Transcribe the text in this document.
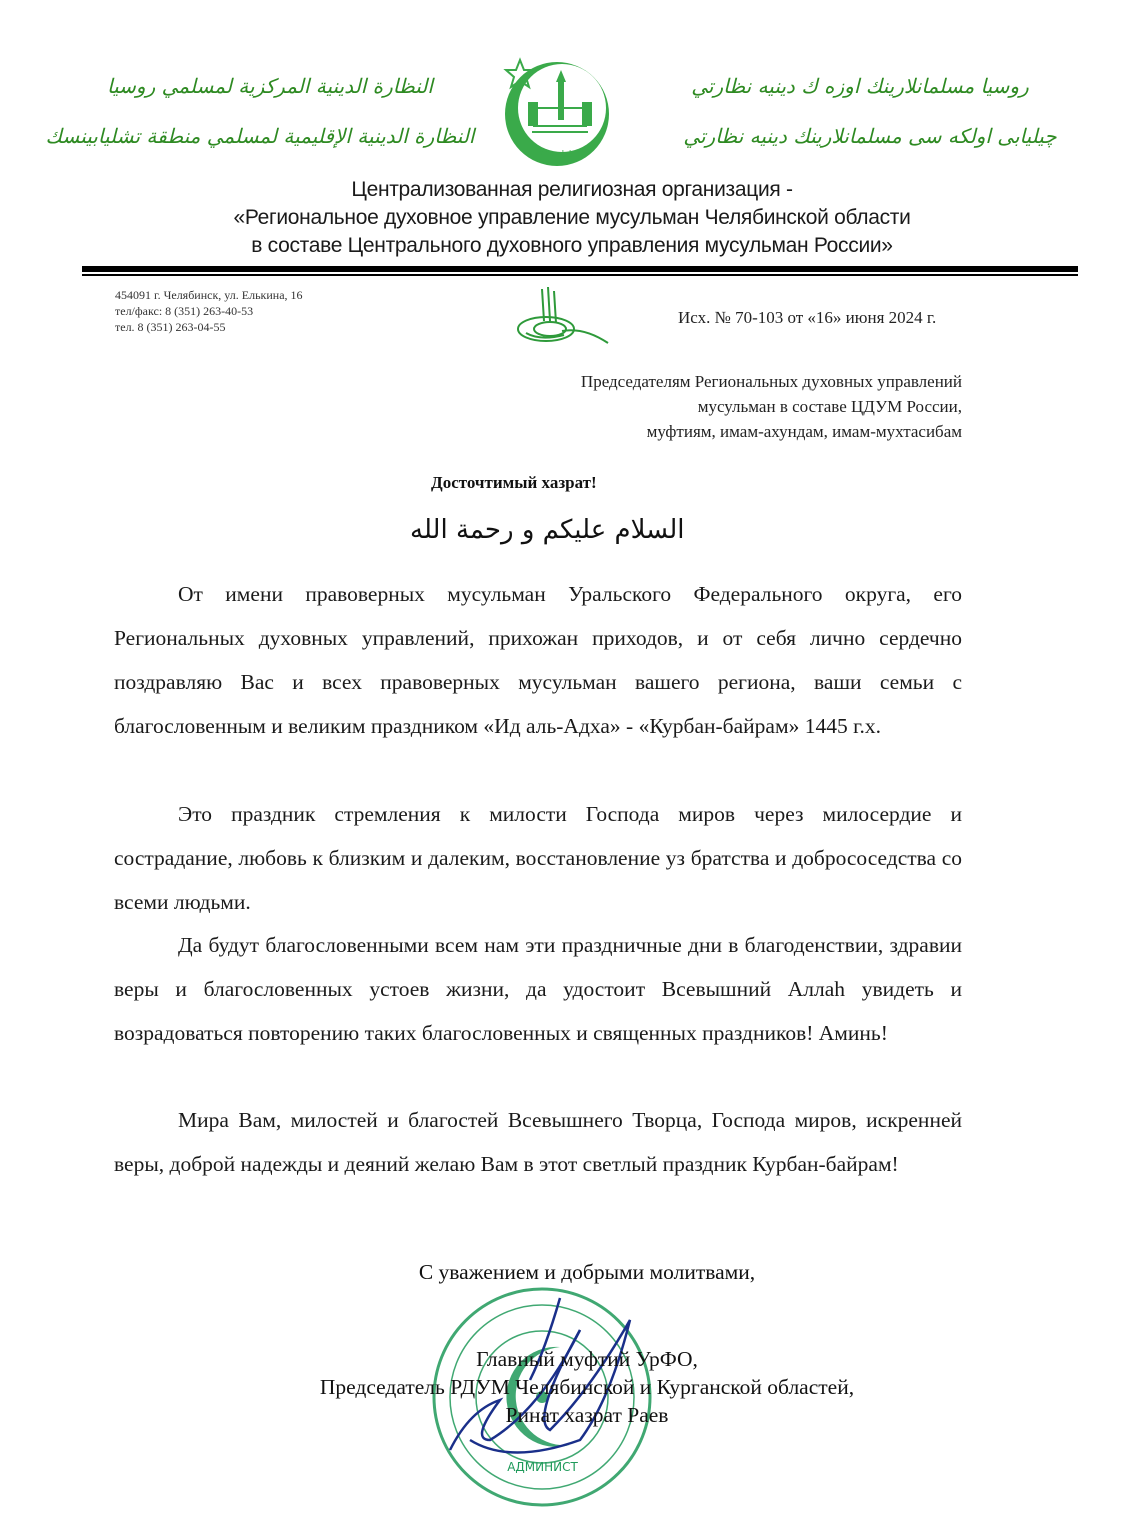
النظارة الدينية المركزية لمسلمي روسيا
النظارة الدينية الإقليمية لمسلمي منطقة تشليابينسك
روسيا مسلمانلارينك اوزه ك دينيه نظارتي
چيليابى اولكه سى مسلمانلارينك دينيه نظارتي
بلغار ٣١٠
Централизованная религиозная организация -
«Региональное духовное управление мусульман Челябинской области
в составе Центрального духовного управления мусульман России»
454091 г. Челябинск, ул. Елькина, 16
тел/факс: 8 (351) 263-40-53
тел. 8 (351) 263-04-55	Исх. № 70-103 от «16» июня 2024 г.
Председателям Региональных духовных управлений
мусульман в составе ЦДУМ России,
муфтиям, имам-ахундам, имам-мухтасибам
Досточтимый хазрат!
السلام عليكم و رحمة الله

От имени правоверных мусульман Уральского Федерального округа, его Региональных духовных управлений, прихожан приходов, и от себя лично сердечно поздравляю Вас и всех правоверных мусульман вашего региона, ваши семьи с благословенным и великим праздником «Ид аль-Адха» - «Курбан-байрам» 1445 г.х.

Это праздник стремления к милости Господа миров через милосердие и сострадание, любовь к близким и далеким, восстановление уз братства и добрососедства со всеми людьми.

Да будут благословенными всем нам эти праздничные дни в благоденствии, здравии веры и благословенных устоев жизни, да удостоит Всевышний Аллаh увидеть и возрадоваться повторению таких благословенных и священных праздников! Аминь!

Мира Вам, милостей и благостей Всевышнего Творца, Господа миров, искренней веры, доброй надежды и деяний желаю Вам в этот светлый праздник Курбан-байрам!

АДМИНИСТ
С уважением и добрыми молитвами,
Главный муфтий УрФО,
Председатель РДУМ Челябинской и Курганской областей,
Ринат хазрат Раев
